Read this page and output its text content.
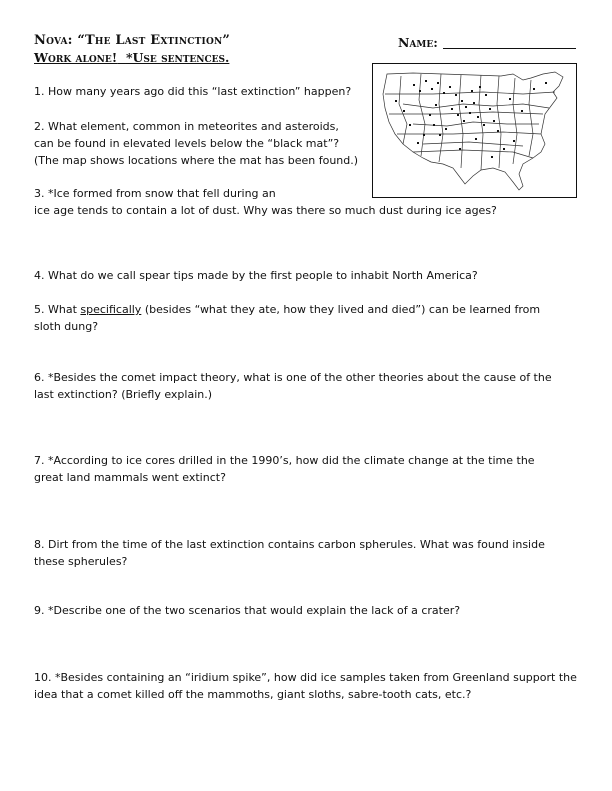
Nova: “The Last Extinction”	Name:
Work alone! *Use sentences.
1. How many years ago did this “last extinction” happen?
2. What element, common in meteorites and asteroids,
can be found in elevated levels below the “black mat”?
(The map shows locations where the mat has been found.)
3. *Ice formed from snow that fell during an
ice age tends to contain a lot of dust. Why was there so much dust during ice ages?
4. What do we call spear tips made by the first people to inhabit North America?
5. What specifically (besides “what they ate, how they lived and died”) can be learned from
sloth dung?
6. *Besides the comet impact theory, what is one of the other theories about the cause of the
last extinction? (Briefly explain.)
7. *According to ice cores drilled in the 1990’s, how did the climate change at the time the
great land mammals went extinct?
8. Dirt from the time of the last extinction contains carbon spherules. What was found inside
these spherules?
9. *Describe one of the two scenarios that would explain the lack of a crater?
10. *Besides containing an “iridium spike”, how did ice samples taken from Greenland support the
idea that a comet killed off the mammoths, giant sloths, sabre-tooth cats, etc.?
